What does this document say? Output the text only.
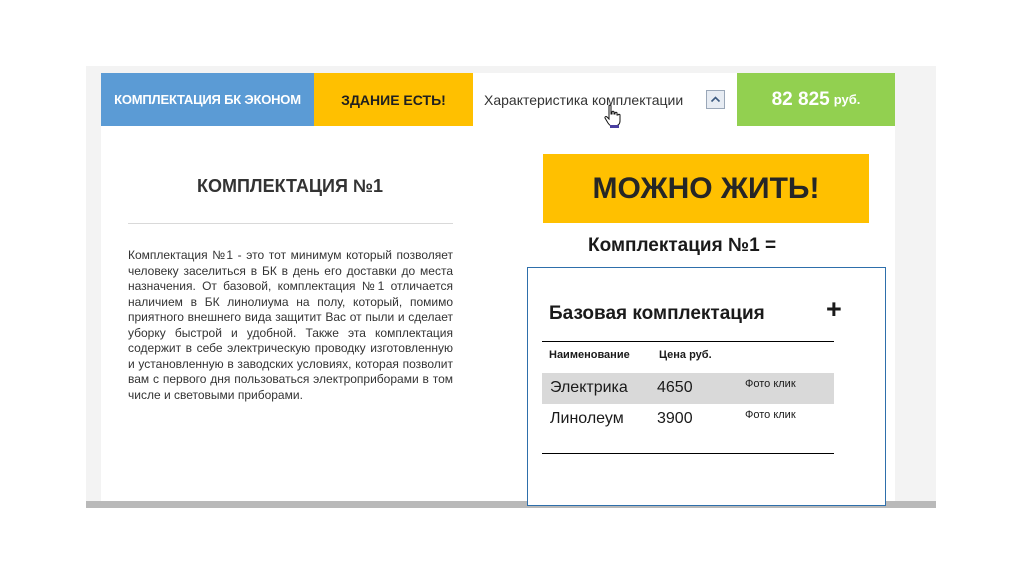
КОМПЛЕКТАЦИЯ БК ЭКОНОМ	ЗДАНИЕ ЕСТЬ!	Характеристика комплектации	82 825 руб.
КОМПЛЕКТАЦИЯ №1

Комплектация №1 - это тот минимум который позволяет человеку заселиться в БК в день его доставки до места назначения. От базовой, комплектация №1 отличается наличием в БК линолиума на полу, который, помимо приятного внешнего вида защитит Вас от пыли и сделает уборку быстрой и удобной. Также эта комплектация содержит в себе электрическую проводку изготовленную и установленную в заводских условиях, которая позволит вам с первого дня пользоваться электроприборами в том числе и световыми приборами.

МОЖНО ЖИТЬ!
Комплектация №1 =
Базовая комплектация +
Наименование	Цена руб.
Электрика 4650	Фото клик
Линолеум 3900	Фото клик
